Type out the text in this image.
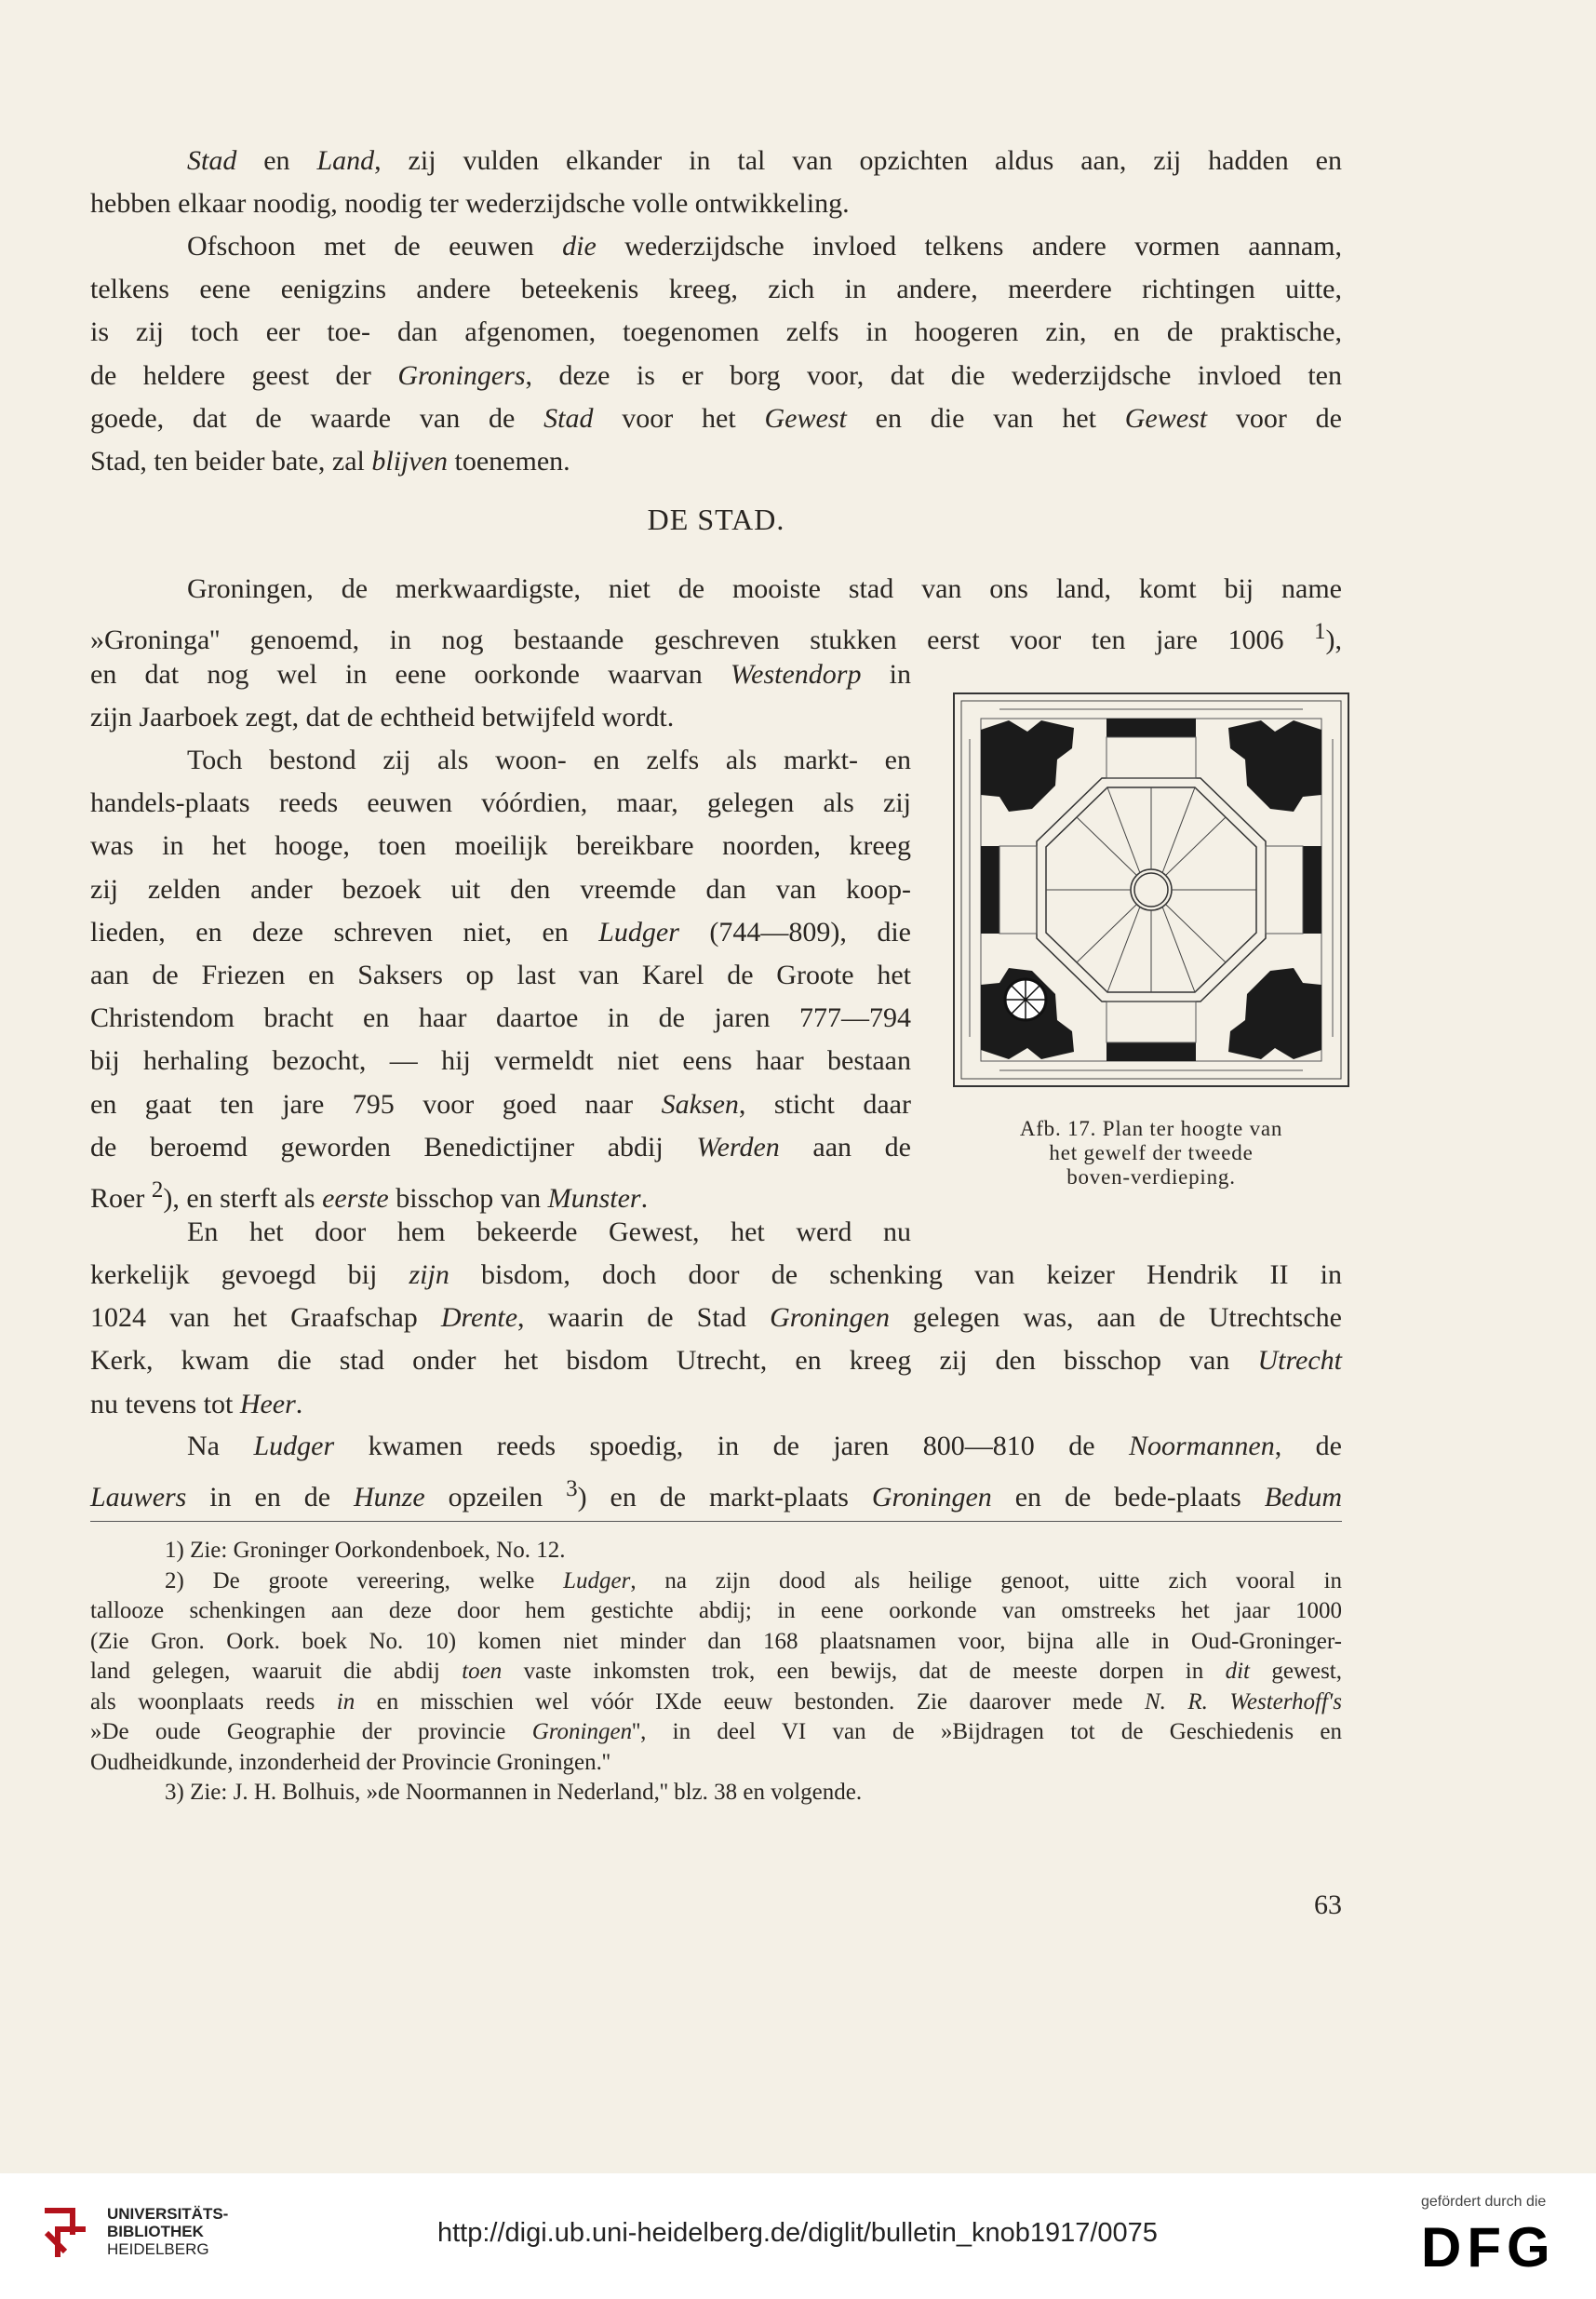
Stad en Land, zij vulden elkander in tal van opzichten aldus aan, zij hadden en
hebben elkaar noodig, noodig ter wederzijdsche volle ontwikkeling.
Ofschoon met de eeuwen die wederzijdsche invloed telkens andere vormen aannam,
telkens eene eenigzins andere beteekenis kreeg, zich in andere, meerdere richtingen uitte,
is zij toch eer toe- dan afgenomen, toegenomen zelfs in hoogeren zin, en de praktische,
de heldere geest der Groningers, deze is er borg voor, dat die wederzijdsche invloed ten
goede, dat de waarde van de Stad voor het Gewest en die van het Gewest voor de
Stad, ten beider bate, zal blijven toenemen.
DE STAD.
Groningen, de merkwaardigste, niet de mooiste stad van ons land, komt bij name
»Groninga'' genoemd, in nog bestaande geschreven stukken eerst voor ten jare 1006 $^1$),
en dat nog wel in eene oorkonde waarvan Westendorp in
zijn Jaarboek zegt, dat de echtheid betwijfeld wordt.
Toch bestond zij als woon- en zelfs als markt- en
handels-plaats reeds eeuwen vóórdien, maar, gelegen als zij
was in het hooge, toen moeilijk bereikbare noorden, kreeg
zij zelden ander bezoek uit den vreemde dan van koop-
lieden, en deze schreven niet, en Ludger (744—809), die
aan de Friezen en Saksers op last van Karel de Groote het
Christendom bracht en haar daartoe in de jaren 777—794
bij herhaling bezocht, — hij vermeldt niet eens haar bestaan
en gaat ten jare 795 voor goed naar Saksen, sticht daar
de beroemd geworden Benedictijner abdij Werden aan de
Roer $^2$), en sterft als eerste bisschop van Munster.
En het door hem bekeerde Gewest, het werd nu
kerkelijk gevoegd bij zijn bisdom, doch door de schenking van keizer Hendrik II in
1024 van het Graafschap Drente, waarin de Stad Groningen gelegen was, aan de Utrechtsche
Kerk, kwam die stad onder het bisdom Utrecht, en kreeg zij den bisschop van Utrecht
nu tevens tot Heer.
Na Ludger kwamen reeds spoedig, in de jaren 800—810 de Noormannen, de
Lauwers in en de Hunze opzeilen $^3$) en de markt-plaats Groningen en de bede-plaats Bedum
Afb. 17. Plan ter hoogte van
het gewelf der tweede
boven-verdieping.
1) Zie: Groninger Oorkondenboek, No. 12.
2) De groote vereering, welke Ludger, na zijn dood als heilige genoot, uitte zich vooral in
tallooze schenkingen aan deze door hem gestichte abdij; in eene oorkonde van omstreeks het jaar 1000
(Zie Gron. Oork. boek No. 10) komen niet minder dan 168 plaatsnamen voor, bijna alle in Oud-Groninger-
land gelegen, waaruit die abdij toen vaste inkomsten trok, een bewijs, dat de meeste dorpen in dit gewest,
als woonplaats reeds in en misschien wel vóór IXde eeuw bestonden. Zie daarover mede N. R. Westerhoff's
»De oude Geographie der provincie Groningen'', in deel VI van de »Bijdragen tot de Geschiedenis en
Oudheidkunde, inzonderheid der Provincie Groningen.''
3) Zie: J. H. Bolhuis, »de Noormannen in Nederland,'' blz. 38 en volgende.
63
UNIVERSITÄTS-
BIBLIOTHEK
HEIDELBERG
http://digi.ub.uni-heidelberg.de/diglit/bulletin_knob1917/0075
gefördert durch die
DFG
